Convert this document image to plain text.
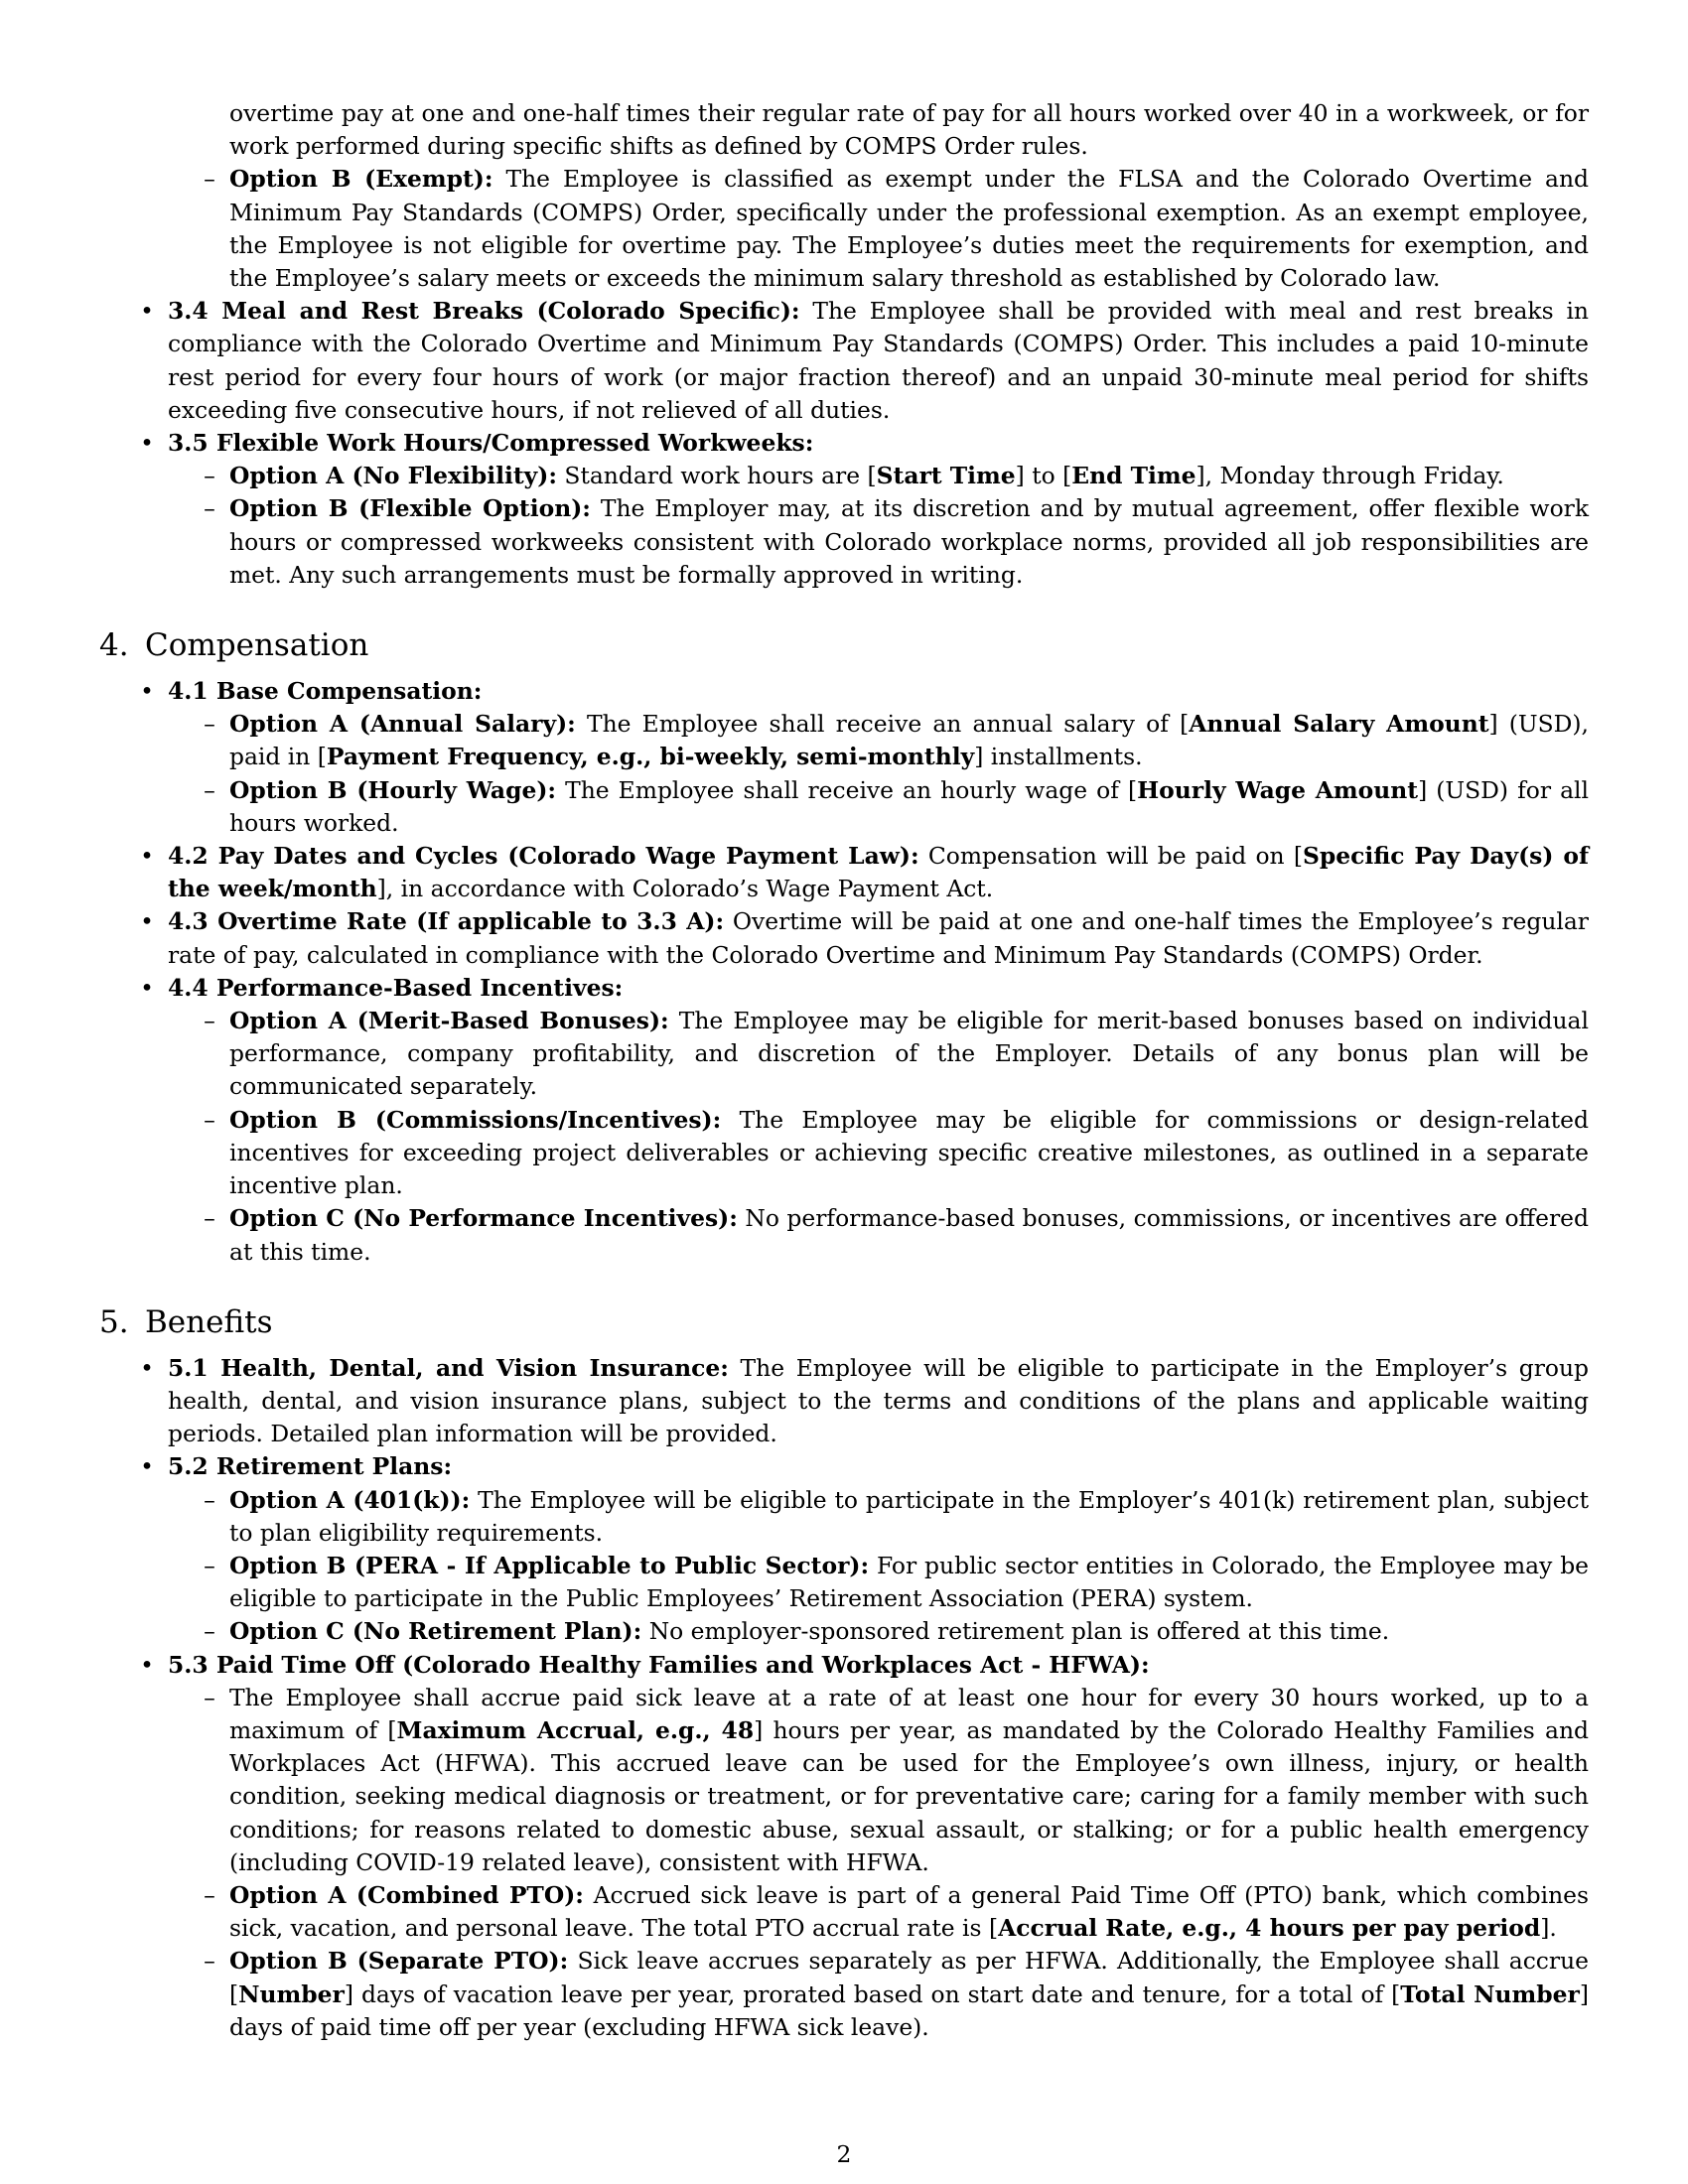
overtime pay at one and one-half times their regular rate of pay for all hours worked over 40 in a workweek, or for work performed during specific shifts as defined by COMPS Order rules.

– Option B (Exempt): The Employee is classified as exempt under the FLSA and the Colorado Overtime and Minimum Pay Standards (COMPS) Order, specifically under the professional exemption. As an exempt employee, the Employee is not eligible for overtime pay. The Employee’s duties meet the requirements for exemption, and the Employee’s salary meets or exceeds the minimum salary threshold as established by Colorado law.

• 3.4 Meal and Rest Breaks (Colorado Specific): The Employee shall be provided with meal and rest breaks in compliance with the Colorado Overtime and Minimum Pay Standards (COMPS) Order. This includes a paid 10-minute rest period for every four hours of work (or major fraction thereof) and an unpaid 30-minute meal period for shifts exceeding five consecutive hours, if not relieved of all duties.

• 3.5 Flexible Work Hours/Compressed Workweeks:

– Option A (No Flexibility): Standard work hours are [Start Time] to [End Time], Monday through Friday.

– Option B (Flexible Option): The Employer may, at its discretion and by mutual agreement, offer flexible work hours or compressed workweeks consistent with Colorado workplace norms, provided all job responsibilities are met. Any such arrangements must be formally approved in writing.

4. Compensation

• 4.1 Base Compensation:

– Option A (Annual Salary): The Employee shall receive an annual salary of [Annual Salary Amount] (USD), paid in [Payment Frequency, e.g., bi-weekly, semi-monthly] installments.

– Option B (Hourly Wage): The Employee shall receive an hourly wage of [Hourly Wage Amount] (USD) for all hours worked.

• 4.2 Pay Dates and Cycles (Colorado Wage Payment Law): Compensation will be paid on [Specific Pay Day(s) of the week/month], in accordance with Colorado’s Wage Payment Act.

• 4.3 Overtime Rate (If applicable to 3.3 A): Overtime will be paid at one and one-half times the Employee’s regular rate of pay, calculated in compliance with the Colorado Overtime and Minimum Pay Standards (COMPS) Order.

• 4.4 Performance-Based Incentives:

– Option A (Merit-Based Bonuses): The Employee may be eligible for merit-based bonuses based on individual performance, company profitability, and discretion of the Employer. Details of any bonus plan will be communicated separately.

– Option B (Commissions/Incentives): The Employee may be eligible for commissions or design-related incentives for exceeding project deliverables or achieving specific creative milestones, as outlined in a separate incentive plan.

– Option C (No Performance Incentives): No performance-based bonuses, commissions, or incentives are offered at this time.

5. Benefits

• 5.1 Health, Dental, and Vision Insurance: The Employee will be eligible to participate in the Employer’s group health, dental, and vision insurance plans, subject to the terms and conditions of the plans and applicable waiting periods. Detailed plan information will be provided.

• 5.2 Retirement Plans:

– Option A (401(k)): The Employee will be eligible to participate in the Employer’s 401(k) retirement plan, subject to plan eligibility requirements.

– Option B (PERA - If Applicable to Public Sector): For public sector entities in Colorado, the Employee may be eligible to participate in the Public Employees’ Retirement Association (PERA) system.

– Option C (No Retirement Plan): No employer-sponsored retirement plan is offered at this time.

• 5.3 Paid Time Off (Colorado Healthy Families and Workplaces Act - HFWA):

– The Employee shall accrue paid sick leave at a rate of at least one hour for every 30 hours worked, up to a maximum of [Maximum Accrual, e.g., 48] hours per year, as mandated by the Colorado Healthy Families and Workplaces Act (HFWA). This accrued leave can be used for the Employee’s own illness, injury, or health condition, seeking medical diagnosis or treatment, or for preventative care; caring for a family member with such conditions; for reasons related to domestic abuse, sexual assault, or stalking; or for a public health emergency (including COVID-19 related leave), consistent with HFWA.

– Option A (Combined PTO): Accrued sick leave is part of a general Paid Time Off (PTO) bank, which combines sick, vacation, and personal leave. The total PTO accrual rate is [Accrual Rate, e.g., 4 hours per pay period].

– Option B (Separate PTO): Sick leave accrues separately as per HFWA. Additionally, the Employee shall accrue [Number] days of vacation leave per year, prorated based on start date and tenure, for a total of [Total Number] days of paid time off per year (excluding HFWA sick leave).

2
